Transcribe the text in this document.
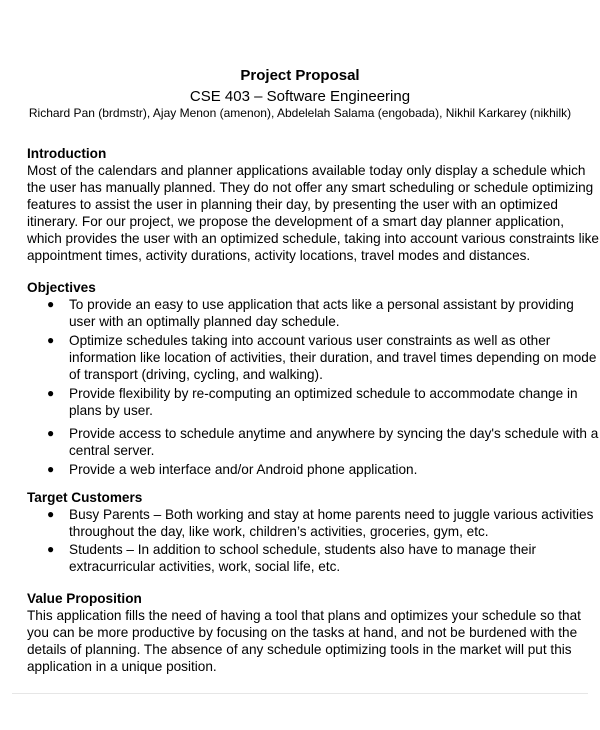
Project Proposal
CSE 403 – Software Engineering
Richard Pan (brdmstr), Ajay Menon (amenon), Abdelelah Salama (engobada), Nikhil Karkarey (nikhilk)
Introduction
Most of the calendars and planner applications available today only display a schedule which
the user has manually planned. They do not offer any smart scheduling or schedule optimizing
features to assist the user in planning their day, by presenting the user with an optimized
itinerary. For our project, we propose the development of a smart day planner application,
which provides the user with an optimized schedule, taking into account various constraints like
appointment times, activity durations, activity locations, travel modes and distances.
Objectives
● To provide an easy to use application that acts like a personal assistant by providing
user with an optimally planned day schedule.
● Optimize schedules taking into account various user constraints as well as other
information like location of activities, their duration, and travel times depending on mode
of transport (driving, cycling, and walking).
● Provide flexibility by re-computing an optimized schedule to accommodate change in
plans by user.
● Provide access to schedule anytime and anywhere by syncing the day's schedule with a
central server.
● Provide a web interface and/or Android phone application.
Target Customers
● Busy Parents – Both working and stay at home parents need to juggle various activities
throughout the day, like work, children’s activities, groceries, gym, etc.
● Students – In addition to school schedule, students also have to manage their
extracurricular activities, work, social life, etc.
Value Proposition
This application fills the need of having a tool that plans and optimizes your schedule so that
you can be more productive by focusing on the tasks at hand, and not be burdened with the
details of planning. The absence of any schedule optimizing tools in the market will put this
application in a unique position.
